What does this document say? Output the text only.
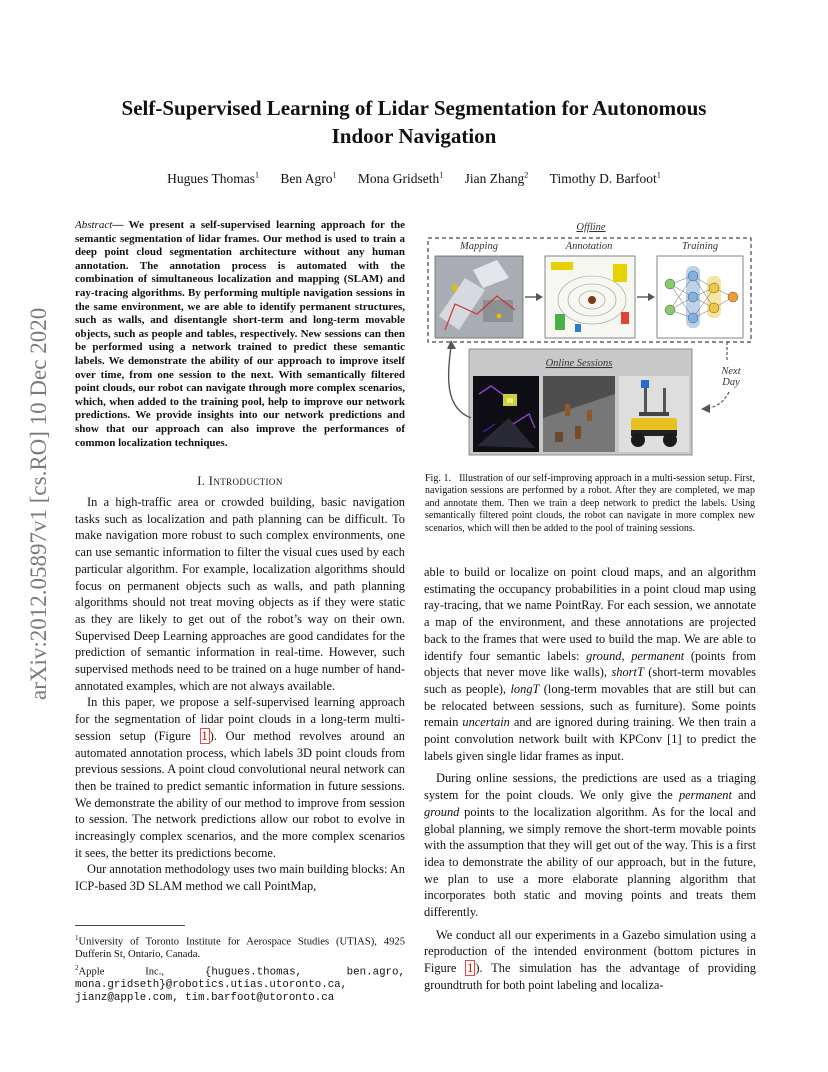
arXiv:2012.05897v1 [cs.RO] 10 Dec 2020
Self-Supervised Learning of Lidar Segmentation for Autonomous Indoor Navigation
Hugues Thomas$^1$ Ben Agro$^1$ Mona Gridseth$^1$ Jian Zhang$^2$ Timothy D. Barfoot$^1$
Abstract— We present a self-supervised learning approach for the semantic segmentation of lidar frames. Our method is used to train a deep point cloud segmentation architecture without any human annotation. The annotation process is automated with the combination of simultaneous localization and mapping (SLAM) and ray-tracing algorithms. By performing multiple navigation sessions in the same environment, we are able to identify permanent structures, such as walls, and disentangle short-term and long-term movable objects, such as people and tables, respectively. New sessions can then be performed using a network trained to predict these semantic labels. We demonstrate the ability of our approach to improve itself over time, from one session to the next. With semantically filtered point clouds, our robot can navigate through more complex scenarios, which, when added to the training pool, help to improve our network predictions. We provide insights into our network predictions and show that our approach can also improve the performances of common localization techniques.
I. Introduction

In a high-traffic area or crowded building, basic navigation tasks such as localization and path planning can be difficult. To make navigation more robust to such complex environments, one can use semantic information to filter the visual cues used by each particular algorithm. For example, localization algorithms should focus on permanent objects such as walls, and path planning algorithms should not treat moving objects as if they were static as they are likely to get out of the robot’s way on their own. Supervised Deep Learning approaches are good candidates for the prediction of semantic information in real-time. However, such supervised methods need to be trained on a huge number of hand-annotated examples, which are not always available.

In this paper, we propose a self-supervised learning approach for the segmentation of lidar point clouds in a long-term multi-session setup (Figure 1 ). Our method revolves around an automated annotation process, which labels 3D point clouds from previous sessions. A point cloud convolutional neural network can then be trained to predict semantic information in future sessions. We demonstrate the ability of our method to improve from session to session. The network predictions allow our robot to evolve in increasingly complex scenarios, and the more complex scenarios it sees, the better its predictions become.

Our annotation methodology uses two main building blocks: An ICP-based 3D SLAM method we call PointMap,

$^1$University of Toronto Institute for Aerospace Studies (UTIAS), 4925 Dufferin St, Ontario, Canada.
$^2$Apple Inc., {hugues.thomas, ben.agro, mona.gridseth}@robotics.utias.utoronto.ca, jianz@apple.com, tim.barfoot@utoronto.ca
Offline
Mapping	Annotation	Training
Online Sessions
Next
Day
Fig. 1. Illustration of our self-improving approach in a multi-session setup. First, navigation sessions are performed by a robot. After they are completed, we map and annotate them. Then we train a deep network to predict the labels. Using semantically filtered point clouds, the robot can navigate in more complex new scenarios, which will then be added to the pool of training sessions.

able to build or localize on point cloud maps, and an algorithm estimating the occupancy probabilities in a point cloud map using ray-tracing, that we name PointRay. For each session, we annotate a map of the environment, and these annotations are projected back to the frames that were used to build the map. We are able to identify four semantic labels: ground, permanent (points from objects that never move like walls), shortT (short-term movables such as people), longT (long-term movables that are still but can be relocated between sessions, such as furniture). Some points remain uncertain and are ignored during training. We then train a point convolution network built with KPConv [1] to predict the labels given single lidar frames as input.

During online sessions, the predictions are used as a triaging system for the point clouds. We only give the permanent and ground points to the localization algorithm. As for the local and global planning, we simply remove the short-term movable points with the assumption that they will get out of the way. This is a first idea to demonstrate the ability of our approach, but in the future, we plan to use a more elaborate planning algorithm that incorporates both static and moving points and treats them differently.

We conduct all our experiments in a Gazebo simulation using a reproduction of the intended environment (bottom pictures in Figure 1 ). The simulation has the advantage of providing groundtruth for both point labeling and localiza-
